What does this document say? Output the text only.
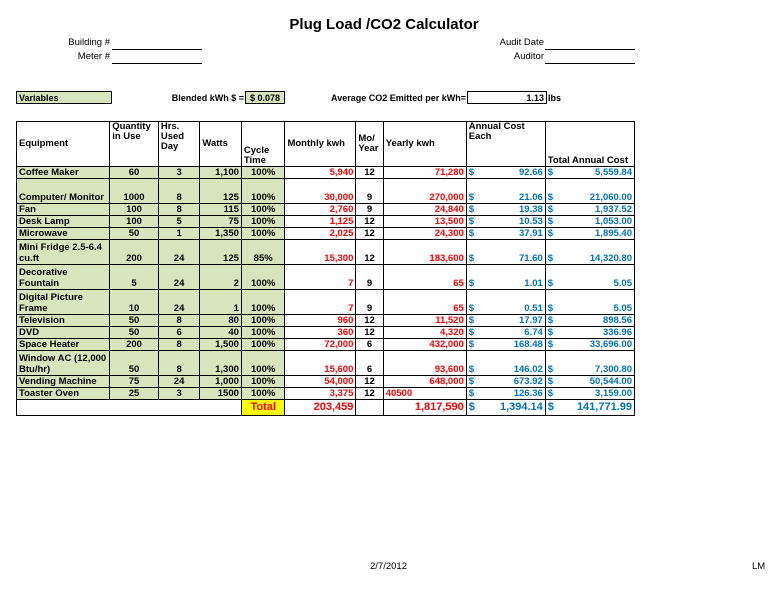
Plug Load /CO2 Calculator
Building #
Meter #
Audit Date
Auditor
Variables	Blended kWh $ = $ 0.078	Average CO2 Emitted per kWh=	1.13 lbs
Equipment	Quantity in Use	Hrs. Used Day	Watts	Cycle Time	Monthly kwh	Mo/ Year	Yearly kwh	Annual Cost Each	Total Annual Cost
Coffee Maker	60	3	1,100	100%	5,940	12	71,280	$ 92.66	$ 5,559.84

Computer/ Monitor	1000	8	125	100%	30,000	9	270,000	$ 21.06	$ 21,060.00

Fan	100	8	115	100%	2,760	9	24,840	$ 19.38	$ 1,937.52

Desk Lamp	100	5	75	100%	1,125	12	13,500	$ 10.53	$ 1,053.00

Microwave	50	1	1,350	100%	2,025	12	24,300	$ 37.91	$ 1,895.40

Mini Fridge 2.5-6.4 cu.ft	200	24	125	85%	15,300	12	183,600	$ 71.60	$ 14,320.80

Decorative Fountain	5	24	2	100%	7	9	65	$ 1.01	$ 5.05

Digital Picture Frame	10	24	1	100%	7	9	65	$ 0.51	$ 5.05

Television	50	8	80	100%	960	12	11,520	$ 17.97	$ 898.56

DVD	50	6	40	100%	360	12	4,320	$ 6.74	$ 336.96

Space Heater	200	8	1,500	100%	72,000	6	432,000	$ 168.48	$ 33,696.00

Window AC (12,000 Btu/hr)	50	8	1,300	100%	15,600	6	93,600	$ 146.02	$ 7,300.80

Vending Machine	75	24	1,000	100%	54,000	12	648,000	$ 673.92	$ 50,544.00

Toaster Oven	25	3	1500	100%	3,375	12	40500	$ 126.36	$ 3,159.00

				Total	203,459		1,817,590	$ 1,394.14	$ 141,771.99
2/7/2012	LM
